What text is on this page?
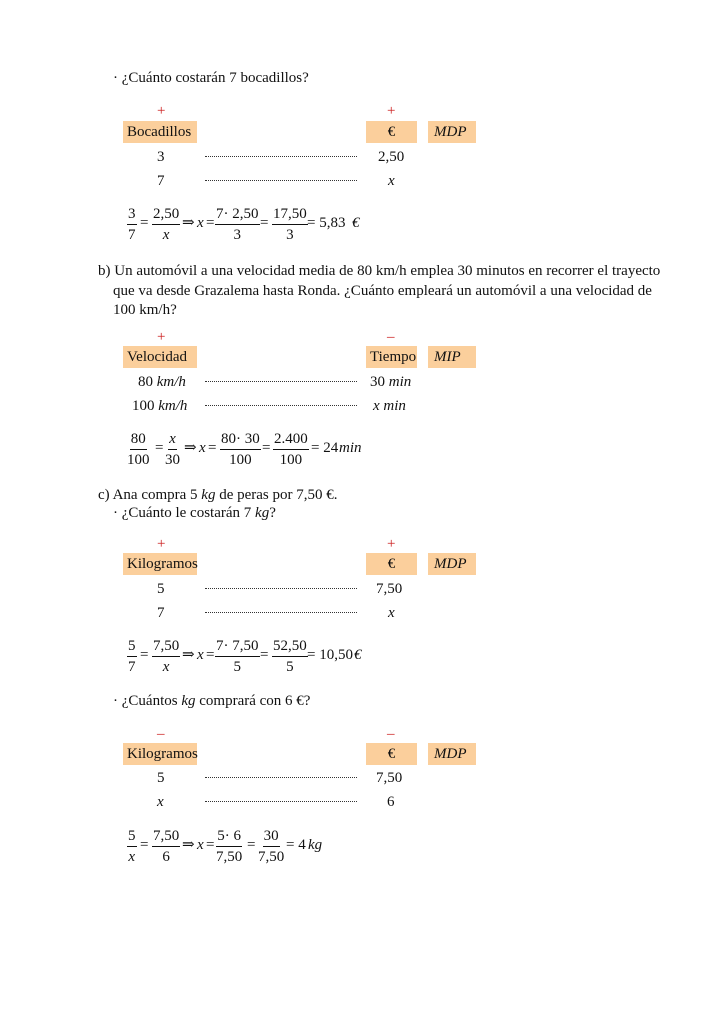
· ¿Cuánto costarán 7 bocadillos?
+	+
Bocadillos	€	MDP
3	2,50
7	x
$\frac{3}{7} = \frac{2,50}{x}$ ⇒ $x = \frac{7\cdot 2,50}{3} = \frac{17,50}{3} = 5,83$ €
b) Un automóvil a una velocidad media de 80 km/h emplea 30 minutos en recorrer el trayecto
que va desde Grazalema hasta Ronda. ¿Cuánto empleará un automóvil a una velocidad de
100 km/h?
+	–
Velocidad	Tiempo	MIP
80 km/h	30 min
100 km/h	x min
$\frac{80}{100} = \frac{x}{30}$ ⇒ $x = \frac{80\cdot 30}{100} = \frac{2.400}{100} = 24$ min
c) Ana compra 5 kg de peras por 7,50 €.
· ¿Cuánto le costarán 7 kg?
+	+
Kilogramos	€	MDP
5	7,50
7	x
$\frac{5}{7} = \frac{7,50}{x}$ ⇒ $x = \frac{7\cdot 7,50}{5} = \frac{52,50}{5} = 10,50$ €
· ¿Cuántos kg comprará con 6 €?
–	–
Kilogramos	€	MDP
5	7,50
x	6
$\frac{5}{x} = \frac{7,50}{6}$ ⇒ $x = \frac{5\cdot 6}{7,50} = \frac{30}{7,50} = 4$ kg
